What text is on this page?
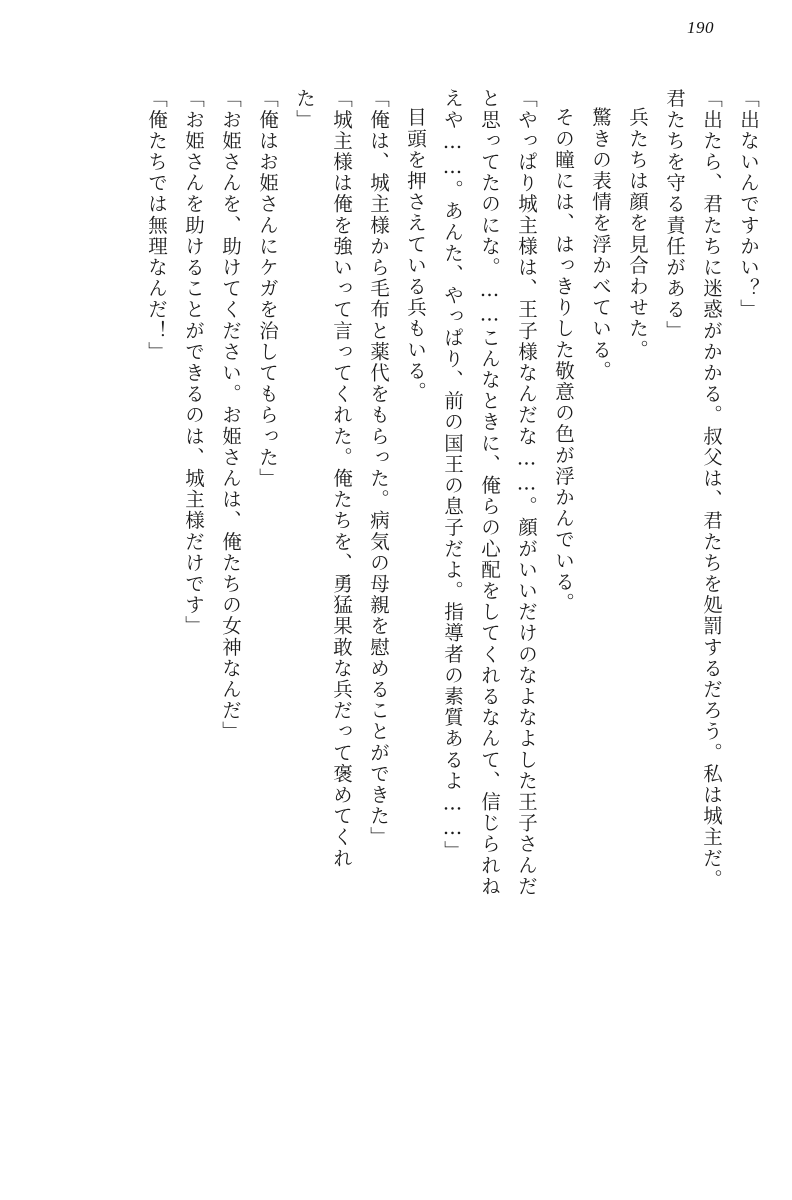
190
「出ないんですかい？」
「出たら、君たちに迷惑がかかる。叔父は、君たちを処罰するだろう。私は城主だ。
君たちを守る責任がある」
兵たちは顔を見合わせた。
驚きの表情を浮かべている。
その瞳には、はっきりした敬意の色が浮かんでいる。
「やっぱり城主様は、王子様なんだな……。顔がいいだけのなよなよした王子さんだ
と思ってたのにな。……こんなときに、俺らの心配をしてくれるなんて、信じられね
えや……。あんた、やっぱり、前の国王の息子だよ。指導者の素質あるよ……」
目頭を押さえている兵もいる。
「俺は、城主様から毛布と薬代をもらった。病気の母親を慰めることができた」
「城主様は俺を強いって言ってくれた。俺たちを、勇猛果敢な兵だって褒めてくれ
た」
「俺はお姫さんにケガを治してもらった」
「お姫さんを、助けてください。お姫さんは、俺たちの女神なんだ」
「お姫さんを助けることができるのは、城主様だけです」
「俺たちでは無理なんだ！」
